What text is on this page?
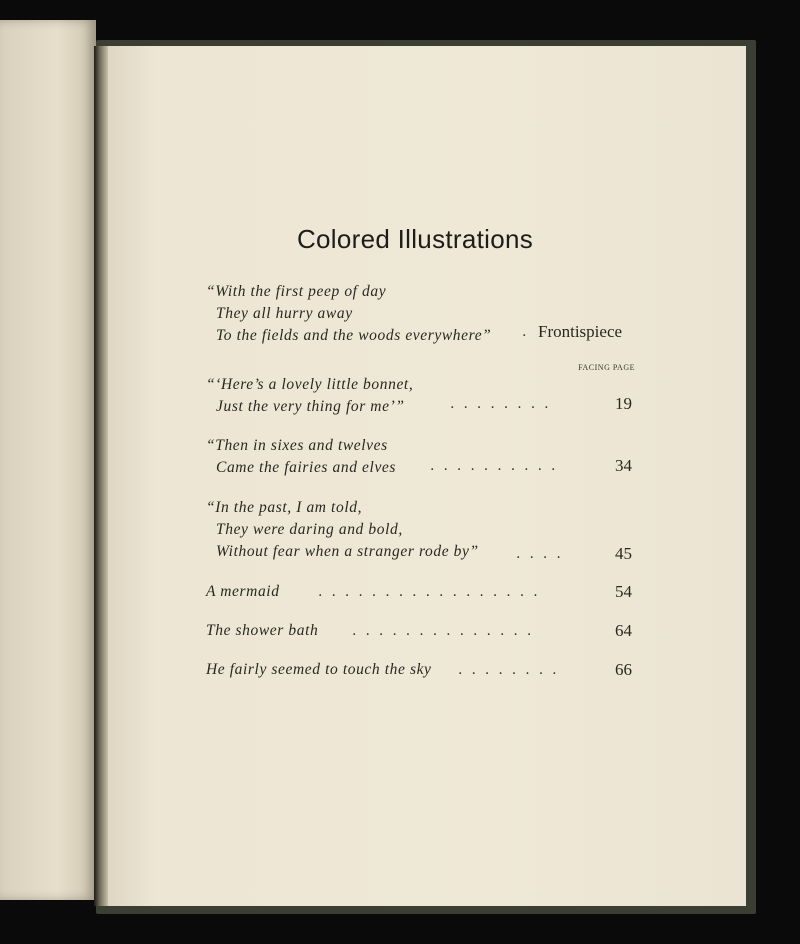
Colored Illustrations
“With the first peep of day
They all hurry away
To the fields and the woods everywhere” . Frontispiece
FACING PAGE
“‘Here’s a lovely little bonnet,
Just the very thing for me’”	........	19
“Then in sixes and twelves
Came the fairies and elves ..........	34
“In the past, I am told,
They were daring and bold,
Without fear when a stranger rode by”	....	45
A mermaid	.................	54
The shower bath ..............	64
He fairly seemed to touch the sky ........	66
